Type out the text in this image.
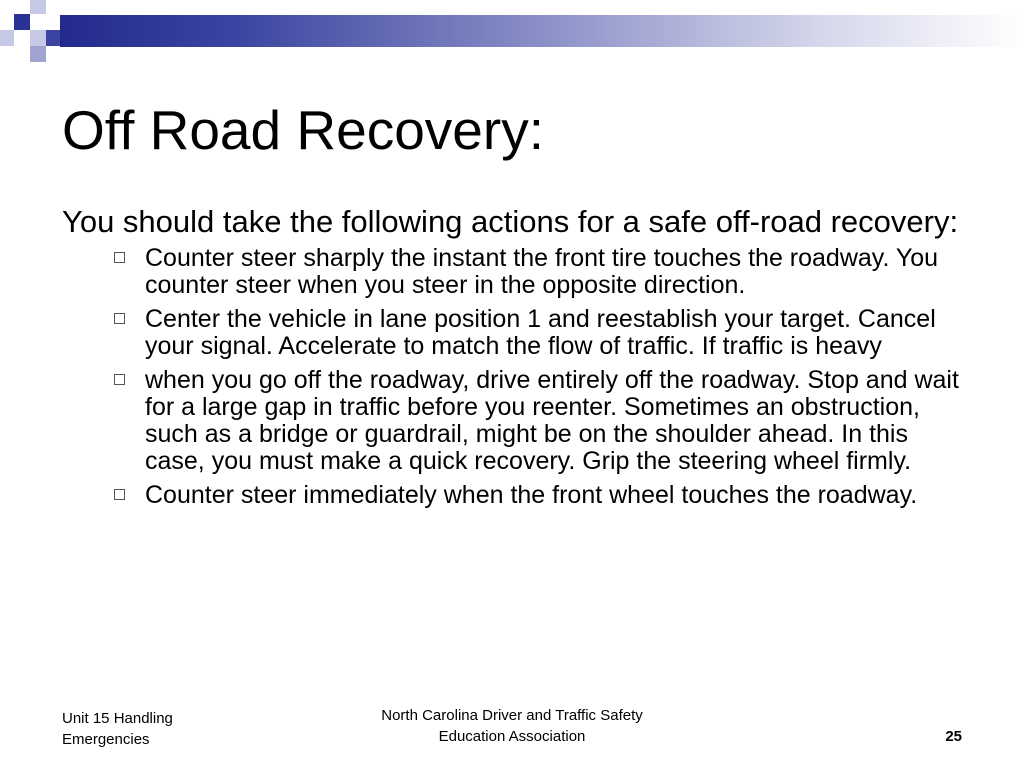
Off Road Recovery:

You should take the following actions for a safe off-road recovery:

Counter steer sharply the instant the front tire touches the roadway. You counter steer when you steer in the opposite direction.
Center the vehicle in lane position 1 and reestablish your target. Cancel your signal. Accelerate to match the flow of traffic. If traffic is heavy
when you go off the roadway, drive entirely off the roadway. Stop and wait for a large gap in traffic before you reenter. Sometimes an obstruction, such as a bridge or guardrail, might be on the shoulder ahead. In this case, you must make a quick recovery. Grip the steering wheel firmly.
Counter steer immediately when the front wheel touches the roadway.
Unit 15 Handling
Emergencies
North Carolina Driver and Traffic Safety
Education Association	25
